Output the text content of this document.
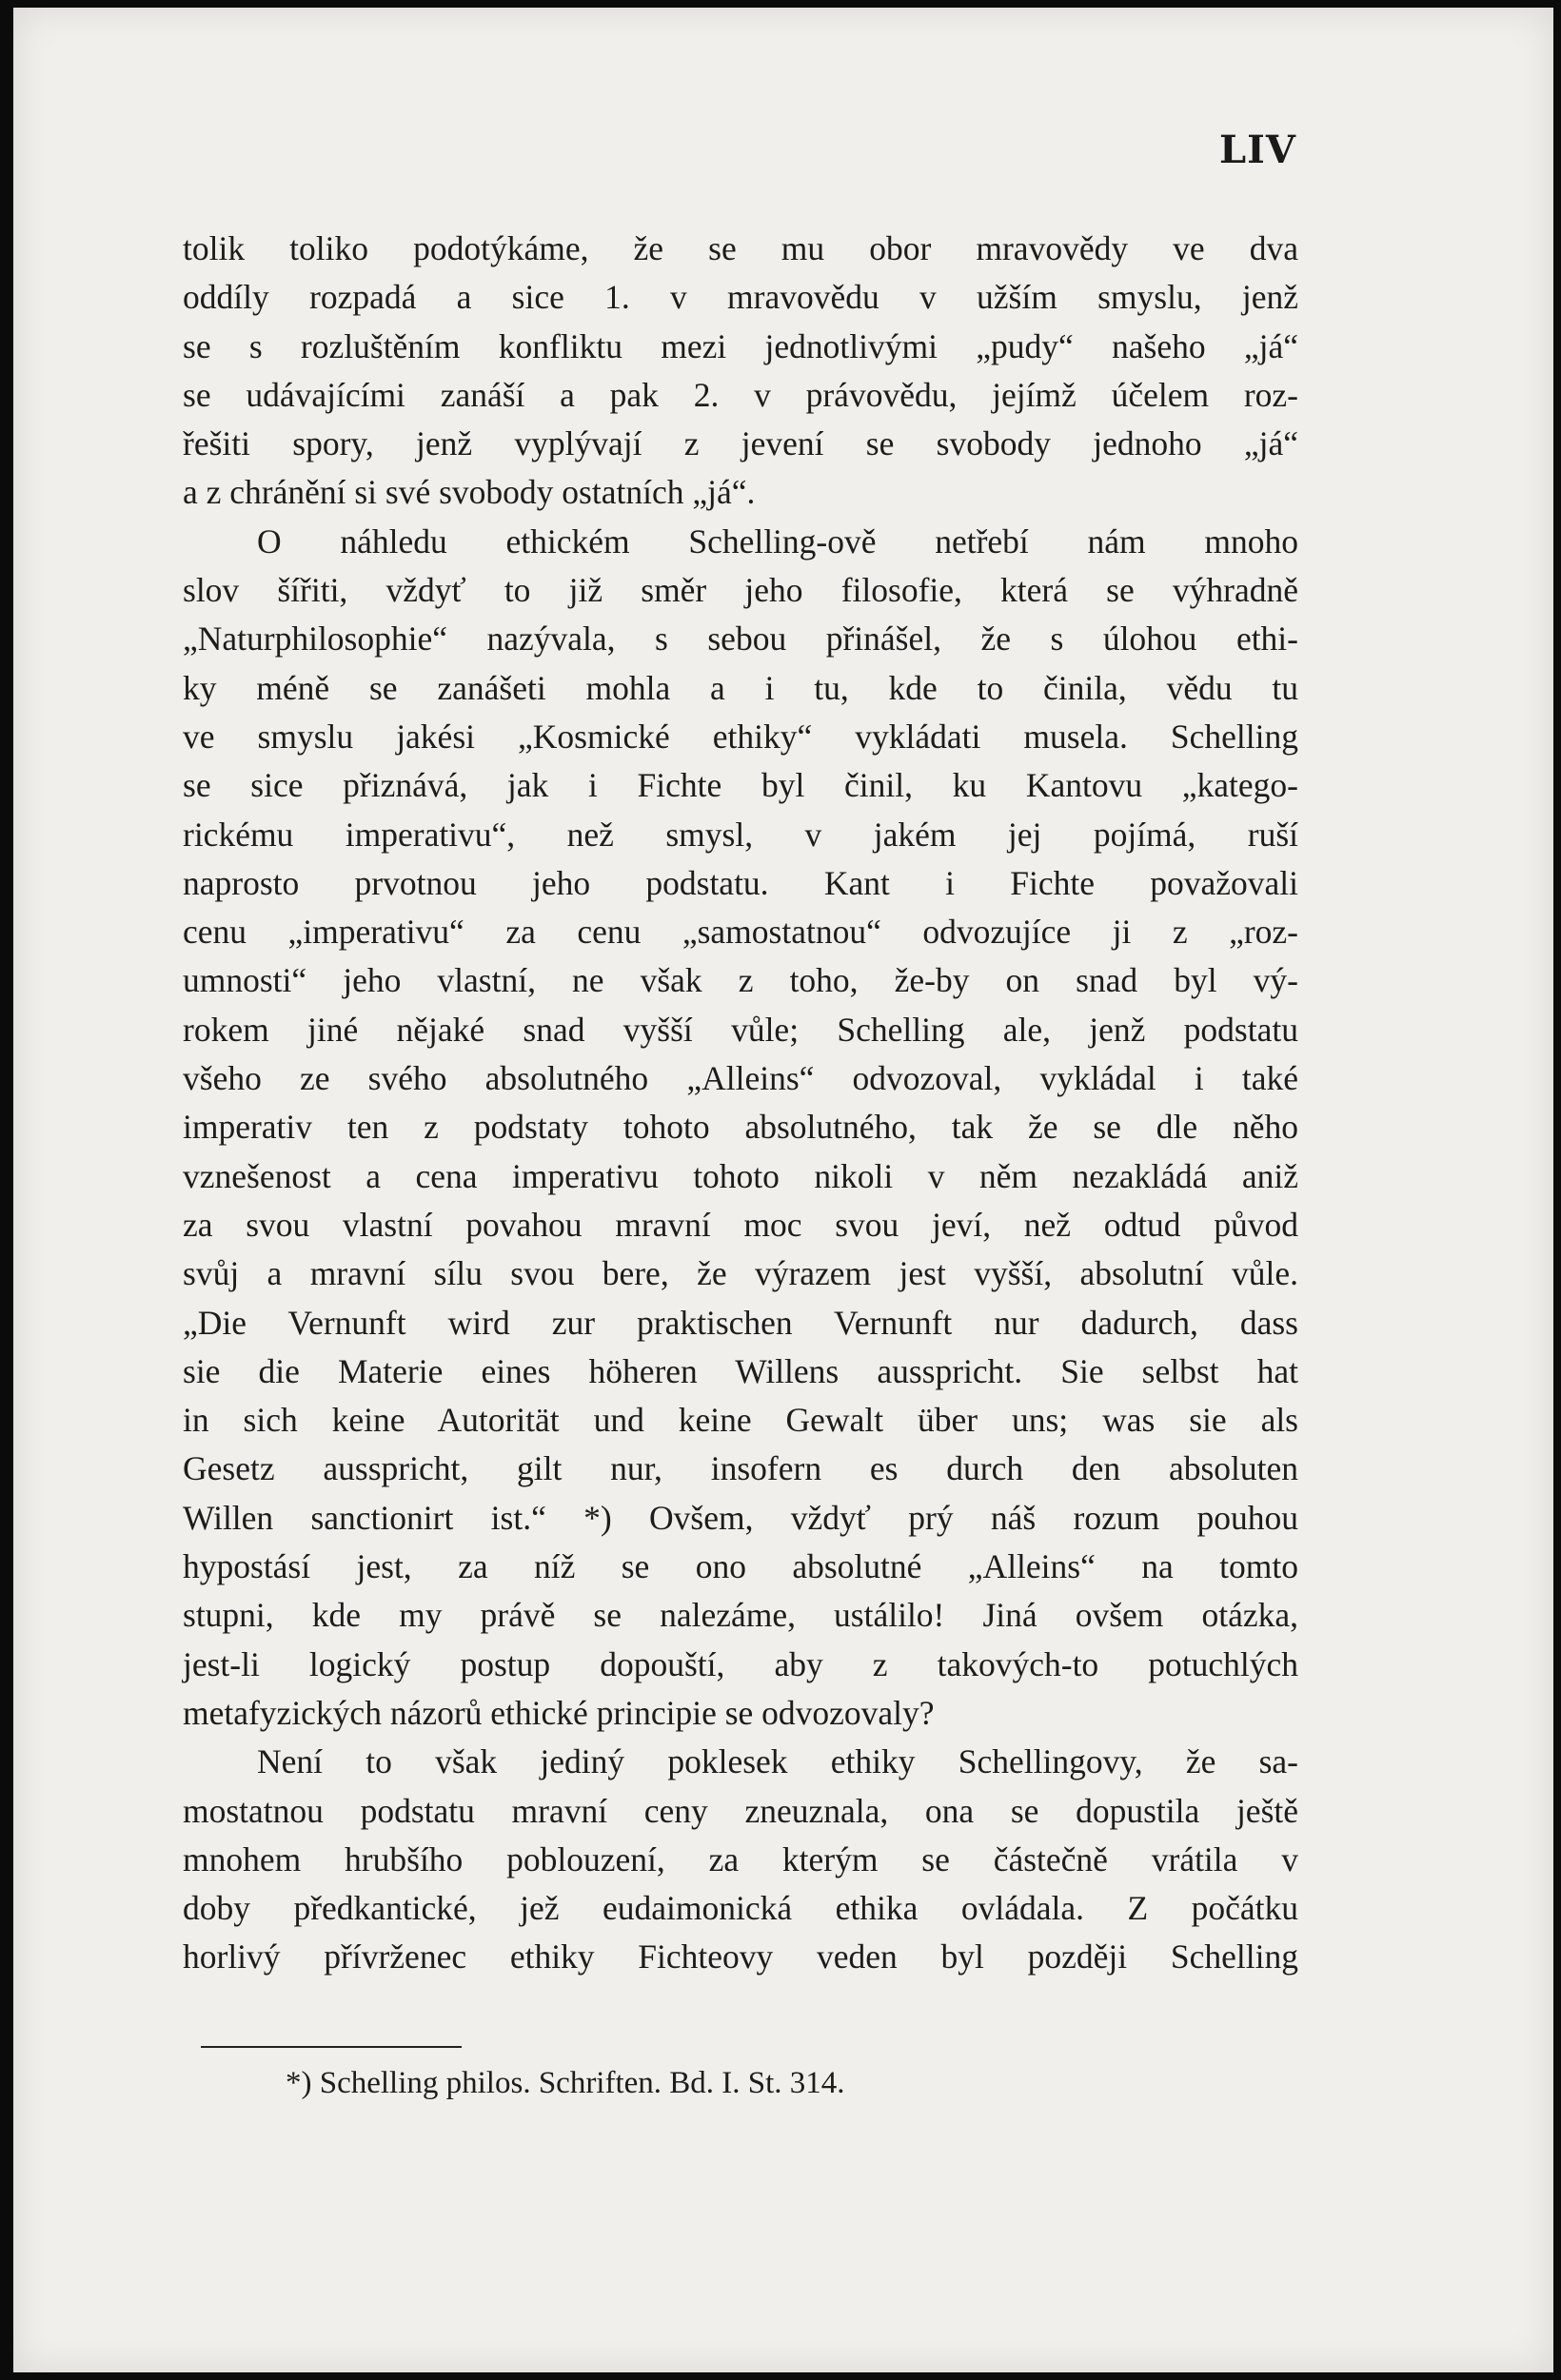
LIV
tolik toliko podotýkáme, že se mu obor mravovědy ve dva
oddíly rozpadá a sice 1. v mravovědu v užším smyslu, jenž
se s rozluštěním konfliktu mezi jednotlivými „pudy“ našeho „já“
se udávajícími zanáší a pak 2. v právovědu, jejímž účelem roz-
řešiti spory, jenž vyplývají z jevení se svobody jednoho „já“
a z chránění si své svobody ostatních „já“.
O náhledu ethickém Schelling-ově netřebí nám mnoho
slov šířiti, vždyť to již směr jeho filosofie, která se výhradně
„Naturphilosophie“ nazývala, s sebou přinášel, že s úlohou ethi-
ky méně se zanášeti mohla a i tu, kde to činila, vědu tu
ve smyslu jakési „Kosmické ethiky“ vykládati musela. Schelling
se sice přiznává, jak i Fichte byl činil, ku Kantovu „katego-
rickému imperativu“, než smysl, v jakém jej pojímá, ruší
naprosto prvotnou jeho podstatu. Kant i Fichte považovali
cenu „imperativu“ za cenu „samostatnou“ odvozujíce ji z „roz-
umnosti“ jeho vlastní, ne však z toho, že-by on snad byl vý-
rokem jiné nějaké snad vyšší vůle; Schelling ale, jenž podstatu
všeho ze svého absolutného „Alleins“ odvozoval, vykládal i také
imperativ ten z podstaty tohoto absolutného, tak že se dle něho
vznešenost a cena imperativu tohoto nikoli v něm nezakládá aniž
za svou vlastní povahou mravní moc svou jeví, než odtud původ
svůj a mravní sílu svou bere, že výrazem jest vyšší, absolutní vůle.
„Die Vernunft wird zur praktischen Vernunft nur dadurch, dass
sie die Materie eines höheren Willens ausspricht. Sie selbst hat
in sich keine Autorität und keine Gewalt über uns; was sie als
Gesetz ausspricht, gilt nur, insofern es durch den absoluten
Willen sanctionirt ist.“ *) Ovšem, vždyť prý náš rozum pouhou
hypostásí jest, za níž se ono absolutné „Alleins“ na tomto
stupni, kde my právě se nalezáme, ustálilo! Jiná ovšem otázka,
jest-li logický postup dopouští, aby z takových-to potuchlých
metafyzických názorů ethické principie se odvozovaly?
Není to však jediný poklesek ethiky Schellingovy, že sa-
mostatnou podstatu mravní ceny zneuznala, ona se dopustila ještě
mnohem hrubšího poblouzení, za kterým se částečně vrátila v
doby předkantické, jež eudaimonická ethika ovládala. Z počátku
horlivý přívrženec ethiky Fichteovy veden byl později Schelling
*) Schelling philos. Schriften. Bd. I. St. 314.
